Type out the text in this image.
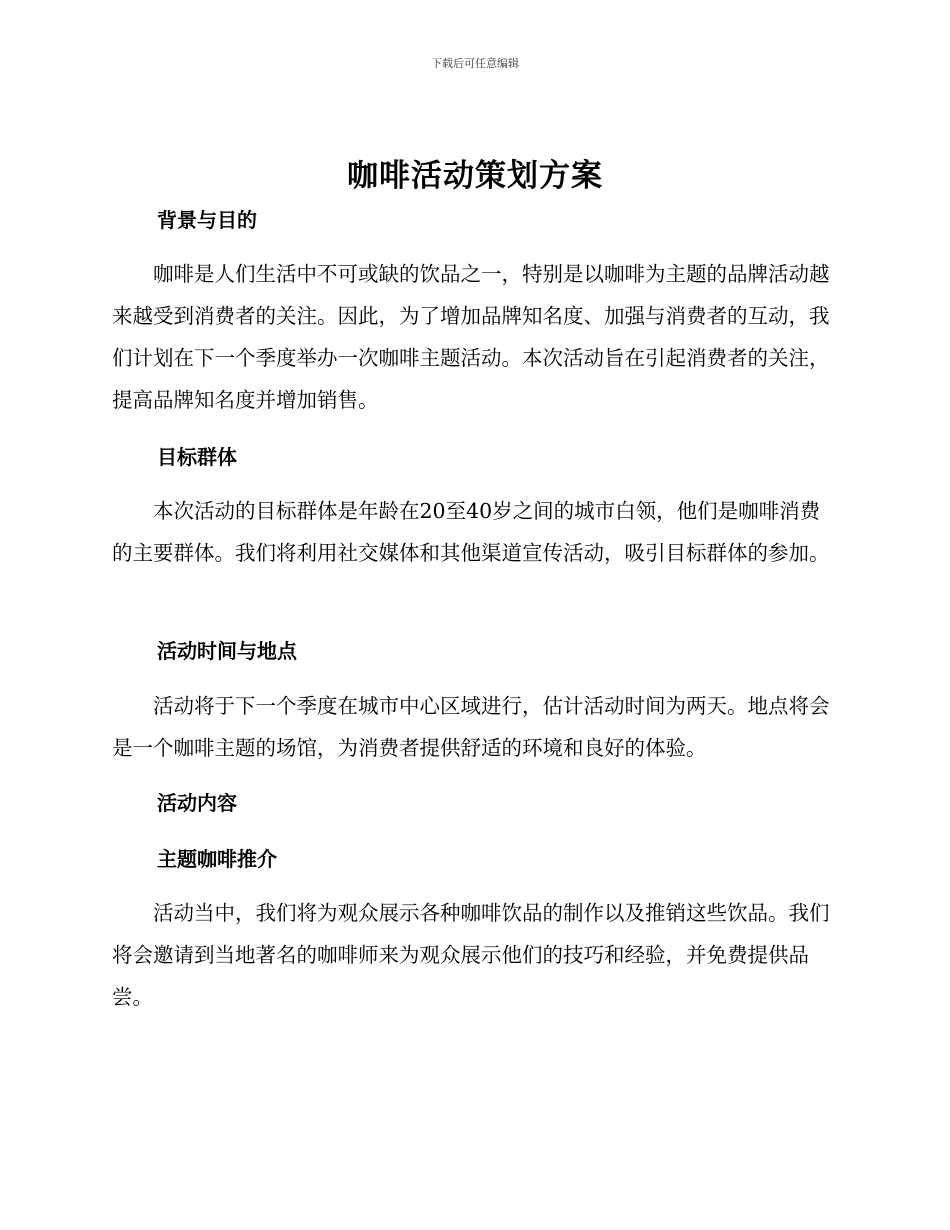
下载后可任意编辑
咖啡活动策划方案
背景与目的

咖啡是人们生活中不可或缺的饮品之一，特别是以咖啡为主题的品牌活动越来越受到消费者的关注。因此，为了增加品牌知名度、加强与消费者的互动，我们计划在下一个季度举办一次咖啡主题活动。本次活动旨在引起消费者的关注，提高品牌知名度并增加销售。

目标群体

本次活动的目标群体是年龄在20至40岁之间的城市白领，他们是咖啡消费的主要群体。我们将利用社交媒体和其他渠道宣传活动，吸引目标群体的参加。

活动时间与地点

活动将于下一个季度在城市中心区域进行，估计活动时间为两天。地点将会是一个咖啡主题的场馆，为消费者提供舒适的环境和良好的体验。

活动内容
主题咖啡推介

活动当中，我们将为观众展示各种咖啡饮品的制作以及推销这些饮品。我们将会邀请到当地著名的咖啡师来为观众展示他们的技巧和经验，并免费提供品尝。
